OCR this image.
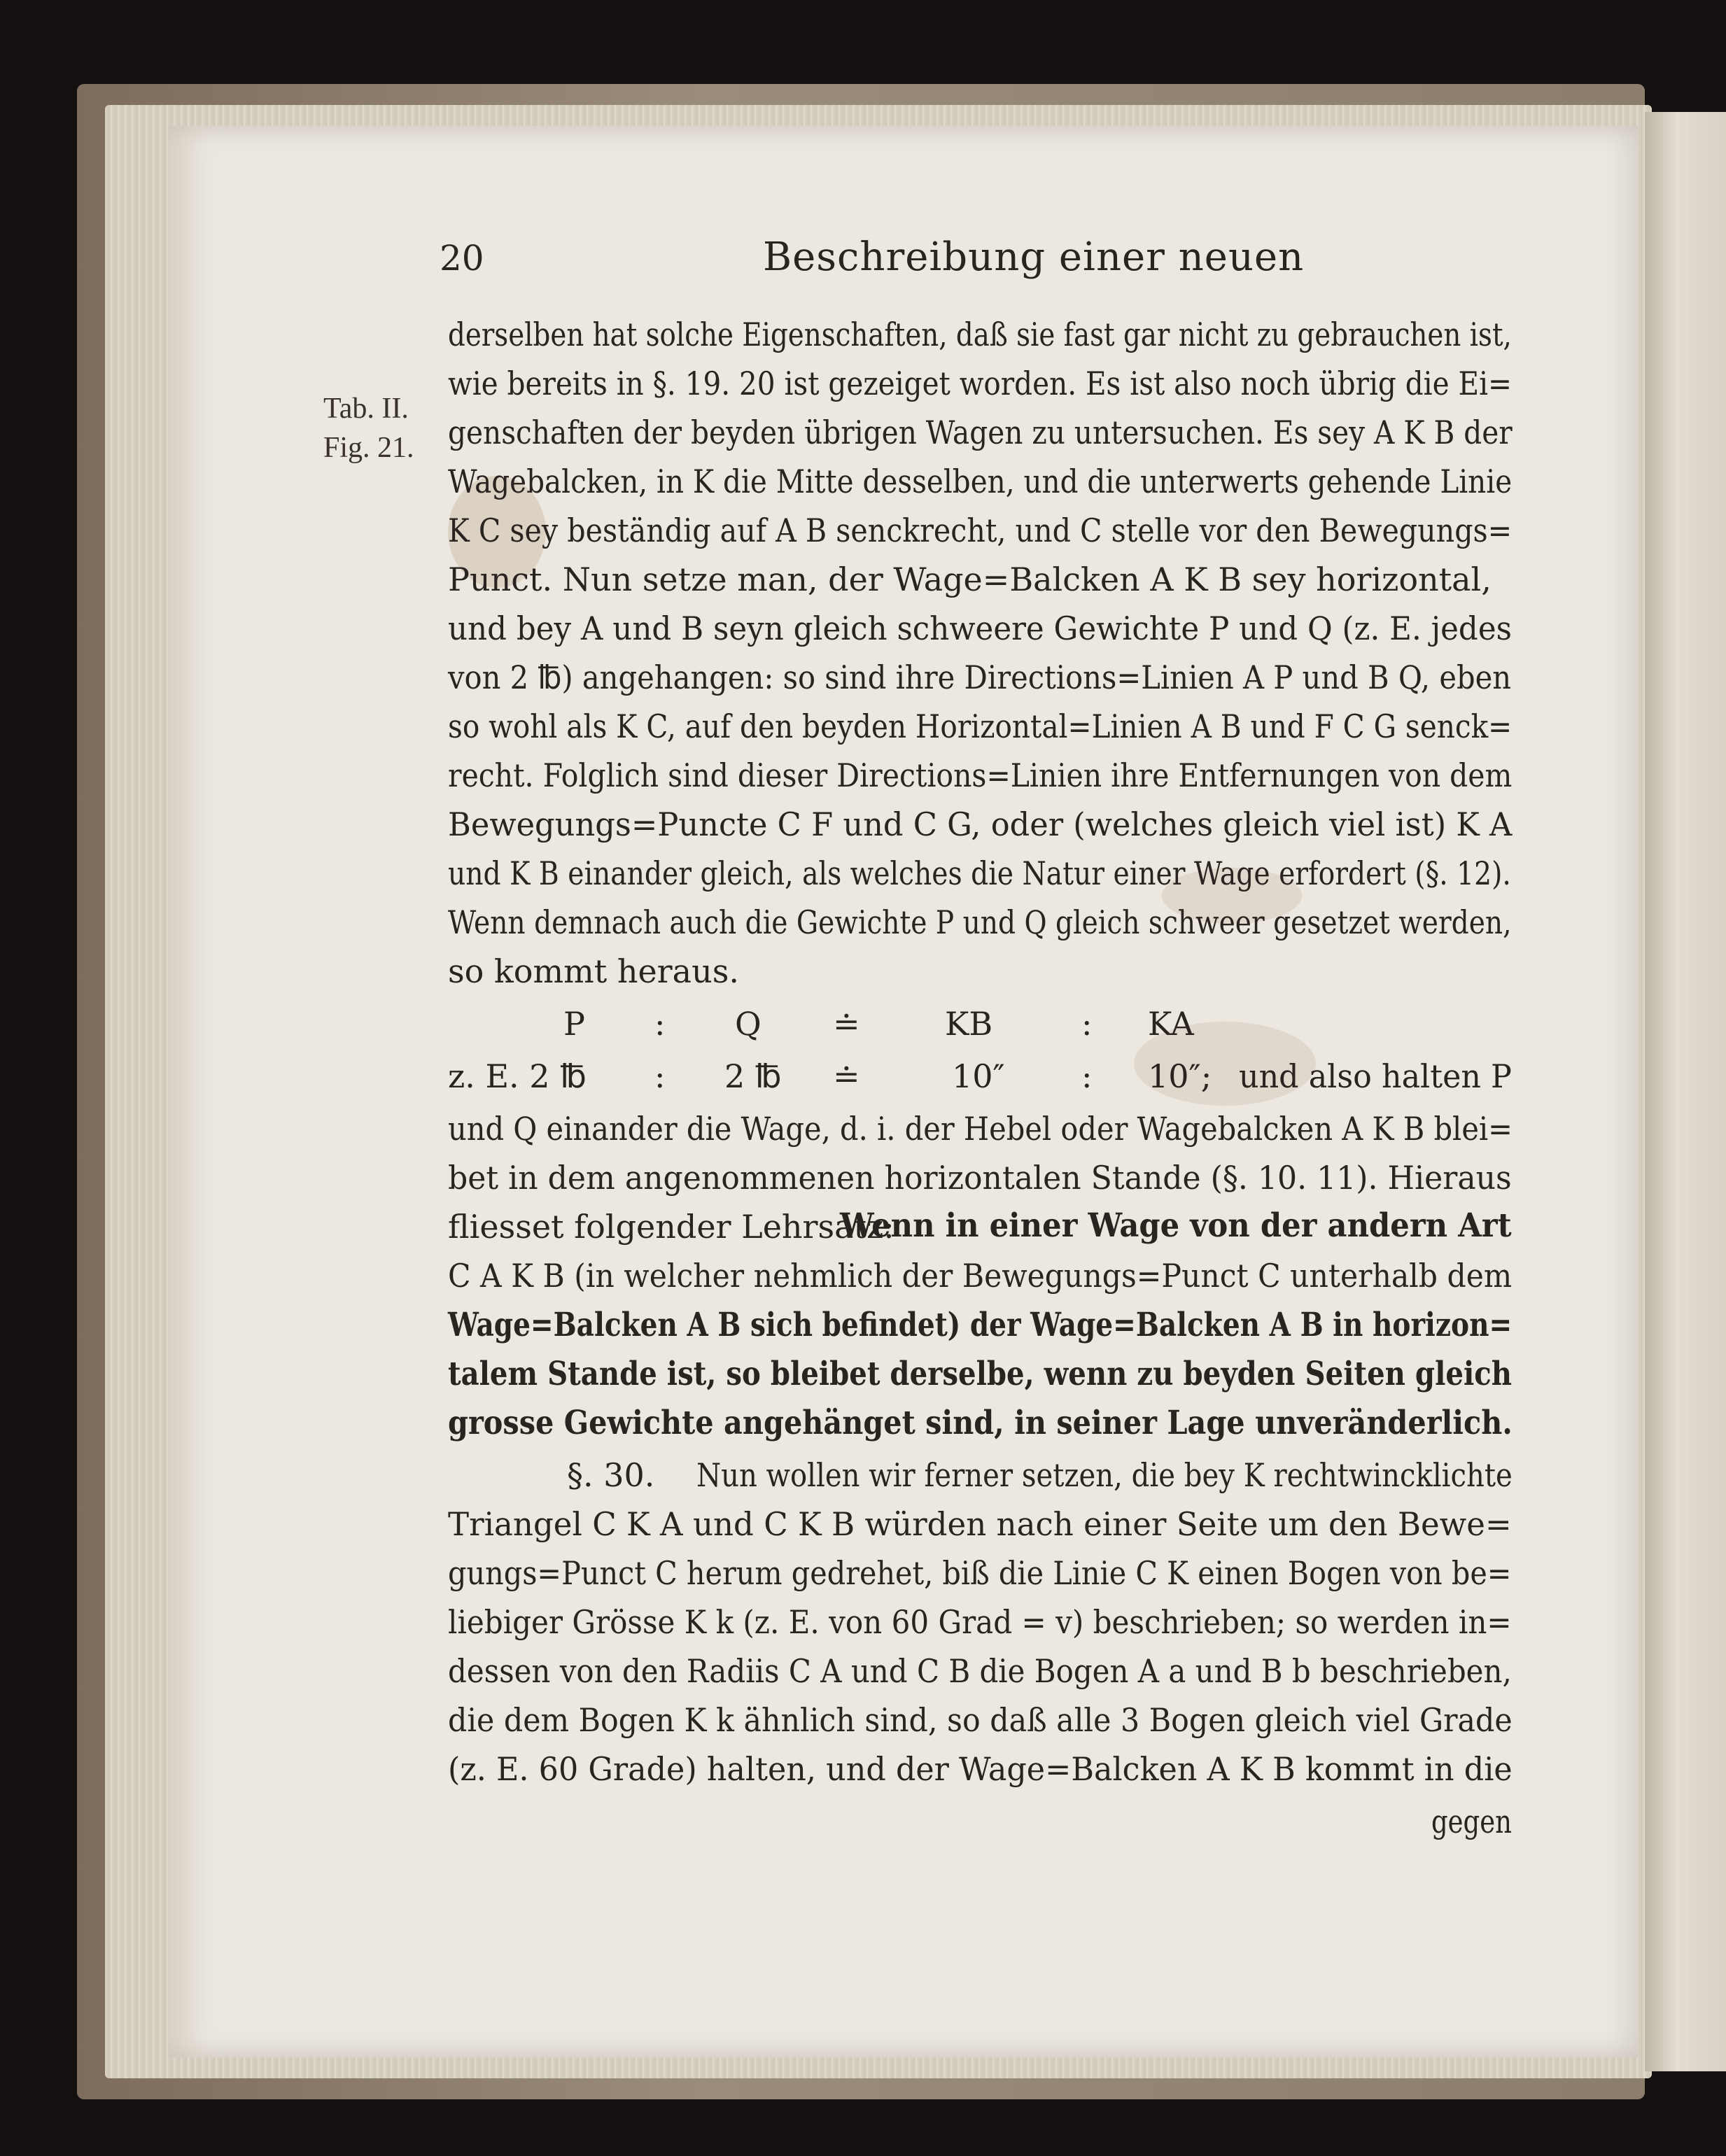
20	Beschreibung einer neuen
Tab. II.
Fig. 21.
derselben hat solche Eigenschaften, daß sie fast gar nicht zu gebrauchen ist,
wie bereits in §. 19. 20 ist gezeiget worden. Es ist also noch übrig die Ei=
genschaften der beyden übrigen Wagen zu untersuchen. Es sey A K B der
Wagebalcken, in K die Mitte desselben, und die unterwerts gehende Linie
K C sey beständig auf A B senckrecht, und C stelle vor den Bewegungs=
Punct. Nun setze man, der Wage=Balcken A K B sey horizontal,
und bey A und B seyn gleich schweere Gewichte P und Q (z. E. jedes
von 2 ℔) angehangen: so sind ihre Directions=Linien A P und B Q, eben
so wohl als K C, auf den beyden Horizontal=Linien A B und F C G senck=
recht. Folglich sind dieser Directions=Linien ihre Entfernungen von dem
Bewegungs=Puncte C F und C G, oder (welches gleich viel ist) K A
und K B einander gleich, als welches die Natur einer Wage erfordert (§. 12).
Wenn demnach auch die Gewichte P und Q gleich schweer gesetzet werden,
so kommt heraus.
P : Q ≐	KB	: KA
z. E. 2 ℔ : 2 ℔ ≐	10″ : 10″; und also halten P
und Q einander die Wage, d. i. der Hebel oder Wagebalcken A K B blei=
bet in dem angenommenen horizontalen Stande (§. 10. 11). Hieraus
fliesset folgender Lehrsatz:
Wenn in einer Wage von der andern Art
C A K B (in welcher nehmlich der Bewegungs=Punct C unterhalb dem
Wage=Balcken A B sich befindet) der Wage=Balcken A B in horizon=
talem Stande ist, so bleibet derselbe, wenn zu beyden Seiten gleich
grosse Gewichte angehänget sind, in seiner Lage unveränderlich.
§. 30. Nun wollen wir ferner setzen, die bey K rechtwincklichte
Triangel C K A und C K B würden nach einer Seite um den Bewe=
gungs=Punct C herum gedrehet, biß die Linie C K einen Bogen von be=
liebiger Grösse K k (z. E. von 60 Grad = v) beschrieben; so werden in=
dessen von den Radiis C A und C B die Bogen A a und B b beschrieben,
die dem Bogen K k ähnlich sind, so daß alle 3 Bogen gleich viel Grade
(z. E. 60 Grade) halten, und der Wage=Balcken A K B kommt in die
gegen
